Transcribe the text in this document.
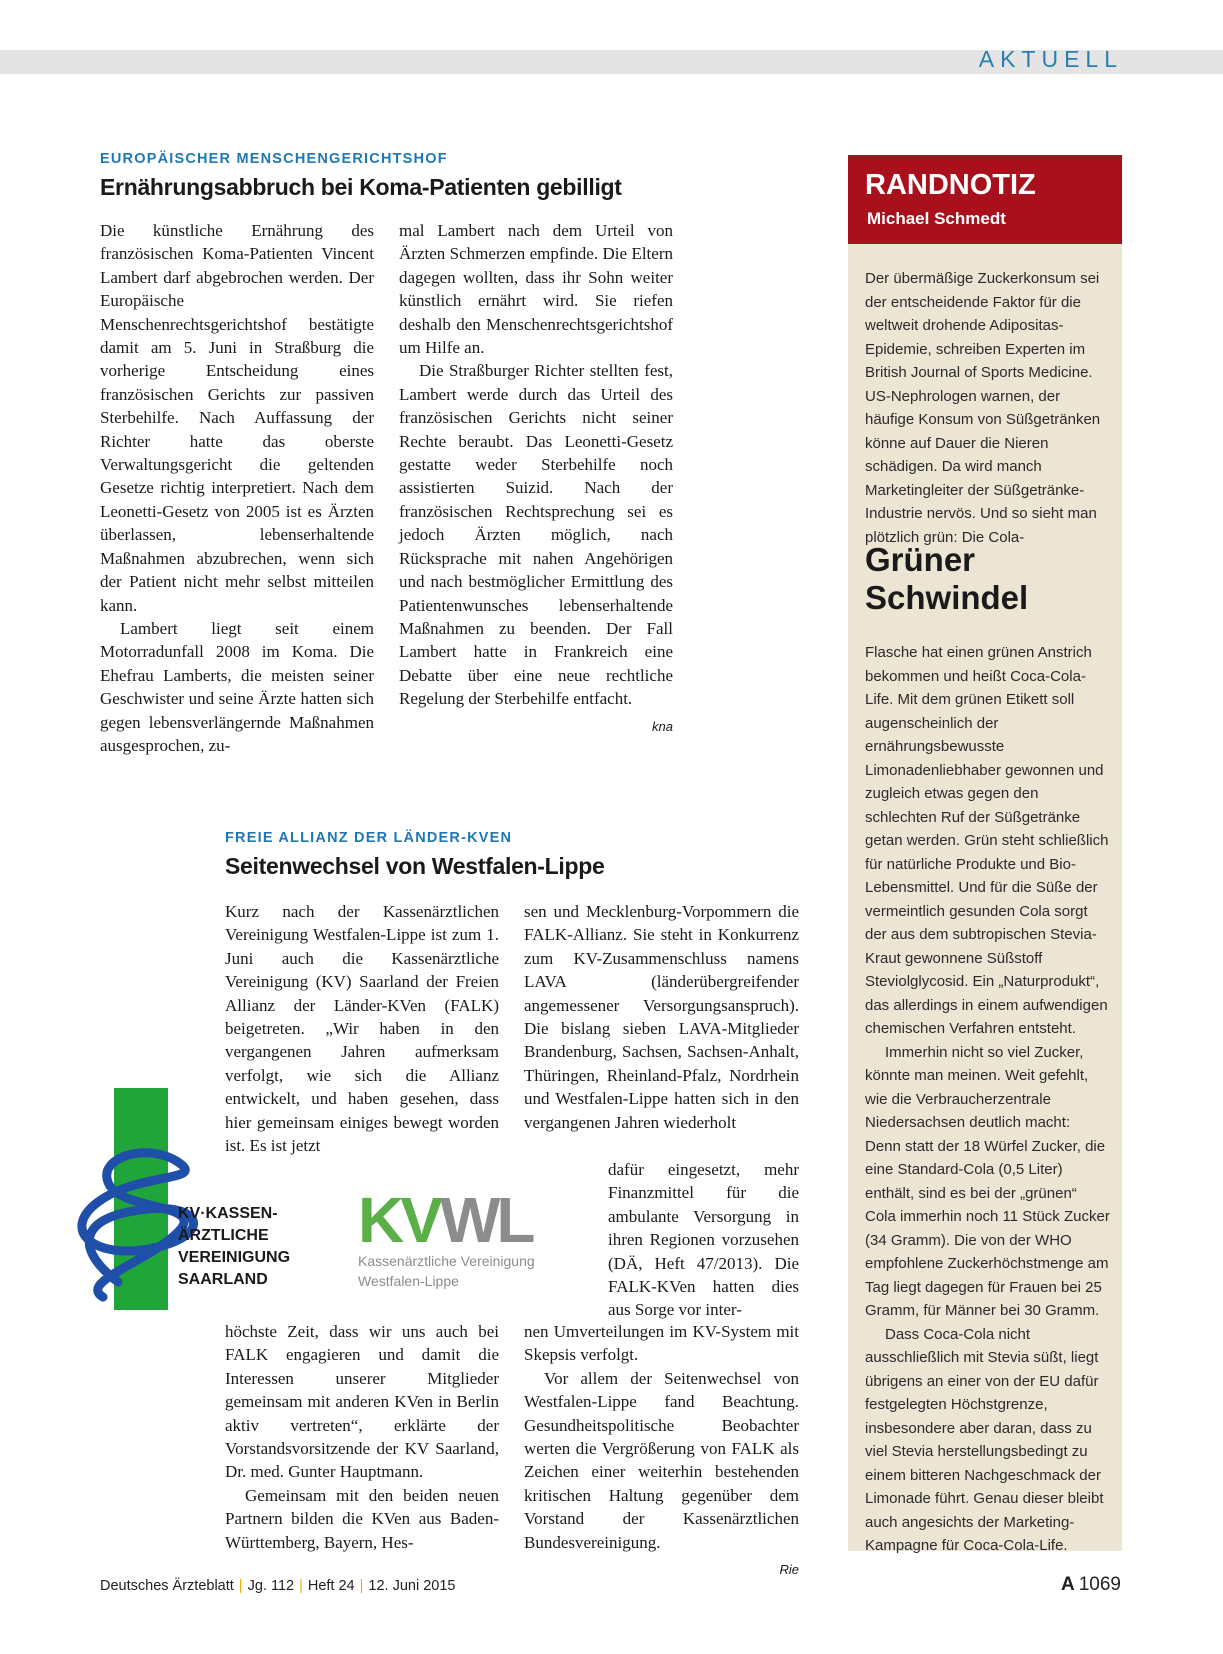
AKTUELL
EUROPÄISCHER MENSCHENGERICHTSHOF
Ernährungsabbruch bei Koma-Patienten gebilligt

Die künstliche Ernährung des französischen Koma-Patienten Vincent Lambert darf abgebrochen werden. Der Europäische Menschenrechtsgerichtshof bestätigte damit am 5. Juni in Straßburg die vorherige Entscheidung eines französischen Gerichts zur passiven Sterbehilfe. Nach Auffassung der Richter hatte das oberste Verwaltungsgericht die geltenden Gesetze richtig interpretiert. Nach dem Leonetti-Gesetz von 2005 ist es Ärzten überlassen, lebenserhaltende Maßnahmen abzubrechen, wenn sich der Patient nicht mehr selbst mitteilen kann.

Lambert liegt seit einem Motorradunfall 2008 im Koma. Die Ehefrau Lamberts, die meisten seiner Geschwister und seine Ärzte hatten sich gegen lebensverlängernde Maßnahmen ausgesprochen, zu-

mal Lambert nach dem Urteil von Ärzten Schmerzen empfinde. Die Eltern dagegen wollten, dass ihr Sohn weiter künstlich ernährt wird. Sie riefen deshalb den Menschenrechtsgerichtshof um Hilfe an.

Die Straßburger Richter stellten fest, Lambert werde durch das Urteil des französischen Gerichts nicht seiner Rechte beraubt. Das Leonetti-Gesetz gestatte weder Sterbehilfe noch assistierten Suizid. Nach der französischen Rechtsprechung sei es jedoch Ärzten möglich, nach Rücksprache mit nahen Angehörigen und nach bestmöglicher Ermittlung des Patientenwunsches lebenserhaltende Maßnahmen zu beenden. Der Fall Lambert hatte in Frankreich eine Debatte über eine neue rechtliche Regelung der Sterbehilfe entfacht.

kna
FREIE ALLIANZ DER LÄNDER-KVEN
Seitenwechsel von Westfalen-Lippe

Kurz nach der Kassenärztlichen Vereinigung Westfalen-Lippe ist zum 1. Juni auch die Kassenärztliche Vereinigung (KV) Saarland der Freien Allianz der Länder-KVen (FALK) beigetreten. „Wir haben in den vergangenen Jahren aufmerksam verfolgt, wie sich die Allianz entwickelt, und haben gesehen, dass hier gemeinsam einiges bewegt worden ist. Es ist jetzt

höchste Zeit, dass wir uns auch bei FALK engagieren und damit die Interessen unserer Mitglieder gemeinsam mit anderen KVen in Berlin aktiv vertreten“, erklärte der Vorstandsvorsitzende der KV Saarland, Dr. med. Gunter Hauptmann.

Gemeinsam mit den beiden neuen Partnern bilden die KVen aus Baden-Württemberg, Bayern, Hes-

sen und Mecklenburg-Vorpommern die FALK-Allianz. Sie steht in Konkurrenz zum KV-Zusammenschluss namens LAVA (länderübergreifender angemessener Versorgungsanspruch). Die bislang sieben LAVA-Mitglieder Brandenburg, Sachsen, Sachsen-Anhalt, Thüringen, Rheinland-Pfalz, Nordrhein und Westfalen-Lippe hatten sich in den vergangenen Jahren wiederholt

dafür eingesetzt, mehr Finanzmittel für die ambulante Versorgung in ihren Regionen vorzusehen (DÄ, Heft 47/2013). Die FALK-KVen hatten dies aus Sorge vor inter-

nen Umverteilungen im KV-System mit Skepsis verfolgt.

Vor allem der Seitenwechsel von Westfalen-Lippe fand Beachtung. Gesundheitspolitische Beobachter werten die Vergrößerung von FALK als Zeichen einer weiterhin bestehenden kritischen Haltung gegenüber dem Vorstand der Kassenärztlichen Bundesvereinigung.

Rie
KV·KASSEN-
ÄRZTLICHE
VEREINIGUNG
SAARLAND
KV WL
Kassenärztliche Vereinigung
Westfalen-Lippe
RANDNOTIZ
Michael Schmedt

Der übermäßige Zuckerkonsum sei der entscheidende Faktor für die weltweit drohende Adipositas-Epidemie, schreiben Experten im British Journal of Sports Medicine. US-Nephrologen warnen, der häufige Konsum von Süßgetränken könne auf Dauer die Nieren schädigen. Da wird manch Marketingleiter der Süßgetränke-Industrie nervös. Und so sieht man plötzlich grün: Die Cola-

Grüner Schwindel

Flasche hat einen grünen Anstrich bekommen und heißt Coca-Cola-Life. Mit dem grünen Etikett soll augenscheinlich der ernährungsbewusste Limonadenliebhaber gewonnen und zugleich etwas gegen den schlechten Ruf der Süßgetränke getan werden. Grün steht schließlich für natürliche Produkte und Bio-Lebensmittel. Und für die Süße der vermeintlich gesunden Cola sorgt der aus dem subtropischen Stevia-Kraut gewonnene Süßstoff Steviolglycosid. Ein „Naturprodukt“, das allerdings in einem aufwendigen chemischen Verfahren entsteht.

Immerhin nicht so viel Zucker, könnte man meinen. Weit gefehlt, wie die Verbraucherzentrale Niedersachsen deutlich macht: Denn statt der 18 Würfel Zucker, die eine Standard-Cola (0,5 Liter) enthält, sind es bei der „grünen“ Cola immerhin noch 11 Stück Zucker (34 Gramm). Die von der WHO empfohlene Zuckerhöchstmenge am Tag liegt dagegen für Frauen bei 25 Gramm, für Männer bei 30 Gramm.

Dass Coca-Cola nicht ausschließlich mit Stevia süßt, liegt übrigens an einer von der EU dafür festgelegten Höchstgrenze, insbesondere aber daran, dass zu viel Stevia herstellungsbedingt zu einem bitteren Nachgeschmack der Limonade führt. Genau dieser bleibt auch angesichts der Marketing-Kampagne für Coca-Cola-Life.

Deutsches Ärzteblatt | Jg. 112 | Heft 24 | 12. Juni 2015	A 1069
